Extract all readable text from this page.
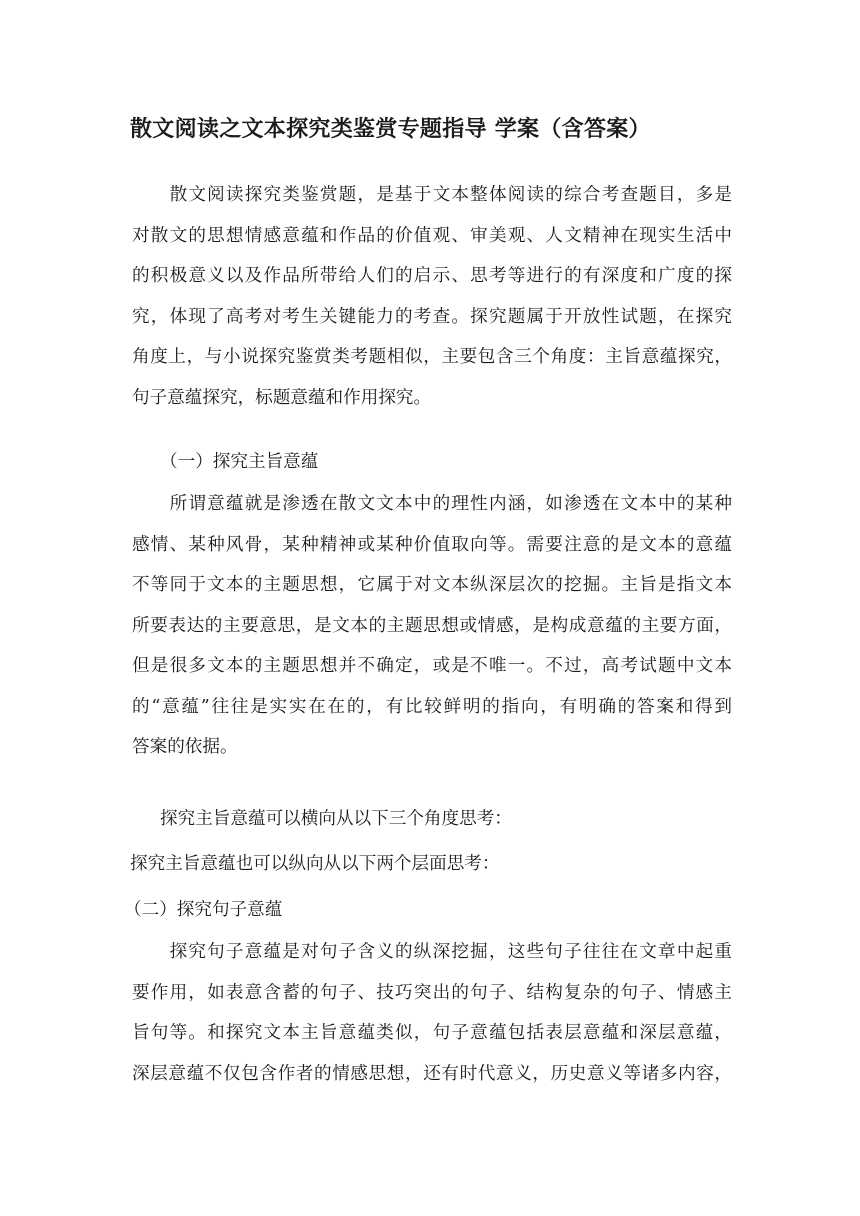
散文阅读之文本探究类鉴赏专题指导 学案（含答案）
　　散文阅读探究类鉴赏题，是基于文本整体阅读的综合考查题目，多是
对散文的思想情感意蕴和作品的价值观、审美观、人文精神在现实生活中
的积极意义以及作品所带给人们的启示、思考等进行的有深度和广度的探
究，体现了高考对考生关键能力的考查。探究题属于开放性试题，在探究
角度上，与小说探究鉴赏类考题相似，主要包含三个角度：主旨意蕴探究，
句子意蕴探究，标题意蕴和作用探究。
（一）探究主旨意蕴
　　所谓意蕴就是渗透在散文文本中的理性内涵，如渗透在文本中的某种
感情、某种风骨，某种精神或某种价值取向等。需要注意的是文本的意蕴
不等同于文本的主题思想，它属于对文本纵深层次的挖掘。主旨是指文本
所要表达的主要意思，是文本的主题思想或情感，是构成意蕴的主要方面，
但是很多文本的主题思想并不确定，或是不唯一。不过，高考试题中文本
的“意蕴”往往是实实在在的，有比较鲜明的指向，有明确的答案和得到
答案的依据。
探究主旨意蕴可以横向从以下三个角度思考：
探究主旨意蕴也可以纵向从以下两个层面思考：
（二）探究句子意蕴
　　探究句子意蕴是对句子含义的纵深挖掘，这些句子往往在文章中起重
要作用，如表意含蓄的句子、技巧突出的句子、结构复杂的句子、情感主
旨句等。和探究文本主旨意蕴类似，句子意蕴包括表层意蕴和深层意蕴，
深层意蕴不仅包含作者的情感思想，还有时代意义，历史意义等诸多内容，
